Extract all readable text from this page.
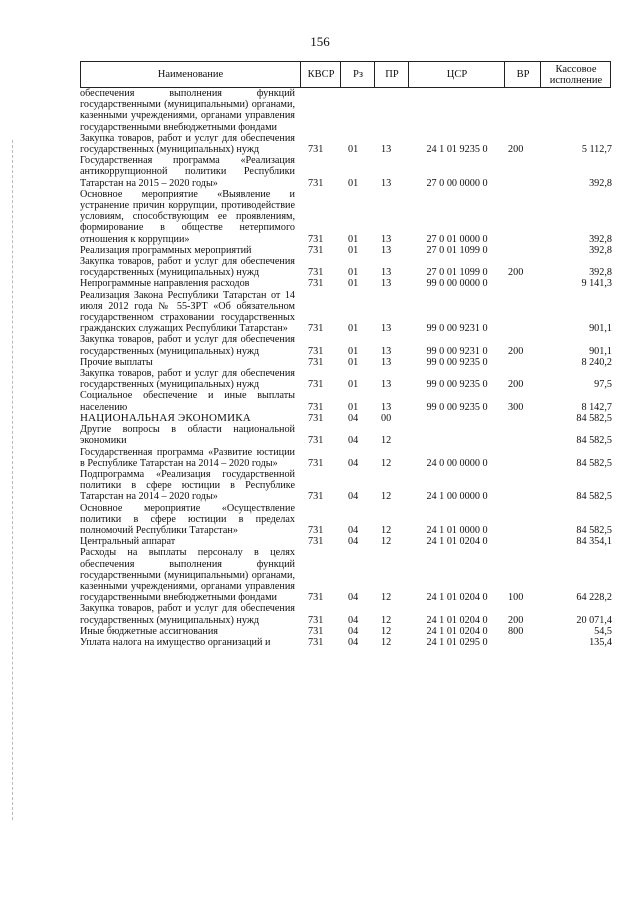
156
Наименование	КВСР	Рз	ПР	ЦСР	ВР	Кассовое исполнение
обеспечения выполнения функций государственными (муниципальными) органами, казенными учреждениями, органами управления государственными внебюджетными фондами
Закупка товаров, работ и услуг для обеспечения государственных (муниципальных) нужд	731 01 13	24 1 01 9235 0	200	5 112,7
Государственная программа «Реализация антикоррупционной политики Республики Татарстан на 2015 – 2020 годы»	731 01 13	27 0 00 0000 0	392,8
Основное мероприятие «Выявление и устранение причин коррупции, противодействие условиям, способствующим ее проявлениям, формирование в обществе нетерпимого отношения к коррупции»	731 01 13	27 0 01 0000 0	392,8
Реализация программных мероприятий	731 01 13	27 0 01 1099 0	392,8
Закупка товаров, работ и услуг для обеспечения государственных (муниципальных) нужд	731 01 13	27 0 01 1099 0	200	392,8
Непрограммные направления расходов	731 01 13	99 0 00 0000 0	9 141,3
Реализация Закона Республики Татарстан от 14 июля 2012 года № 55-ЗРТ «Об обязательном государственном страховании государственных гражданских служащих Республики Татарстан»	731 01 13	99 0 00 9231 0	901,1
Закупка товаров, работ и услуг для обеспечения государственных (муниципальных) нужд	731 01 13	99 0 00 9231 0	200	901,1
Прочие выплаты	731 01 13	99 0 00 9235 0	8 240,2
Закупка товаров, работ и услуг для обеспечения государственных (муниципальных) нужд	731 01 13	99 0 00 9235 0	200	97,5
Социальное обеспечение и иные выплаты населению	731 01 13	99 0 00 9235 0	300	8 142,7
НАЦИОНАЛЬНАЯ ЭКОНОМИКА	731 04 00	84 582,5
Другие вопросы в области национальной экономики	731 04 12	84 582,5
Государственная программа «Развитие юстиции в Республике Татарстан на 2014 – 2020 годы»	731 04 12	24 0 00 0000 0	84 582,5
Подпрограмма «Реализация государственной политики в сфере юстиции в Республике Татарстан на 2014 – 2020 годы»	731 04 12	24 1 00 0000 0	84 582,5
Основное мероприятие «Осуществление политики в сфере юстиции в пределах полномочий Республики Татарстан»	731 04 12	24 1 01 0000 0	84 582,5
Центральный аппарат	731 04 12	24 1 01 0204 0	84 354,1
Расходы на выплаты персоналу в целях обеспечения выполнения функций государственными (муниципальными) органами, казенными учреждениями, органами управления государственными внебюджетными фондами	731 04 12	24 1 01 0204 0	100	64 228,2
Закупка товаров, работ и услуг для обеспечения государственных (муниципальных) нужд	731 04 12	24 1 01 0204 0	200	20 071,4
Иные бюджетные ассигнования	731 04 12	24 1 01 0204 0	800	54,5
Уплата налога на имущество организаций и	731 04 12	24 1 01 0295 0	135,4
